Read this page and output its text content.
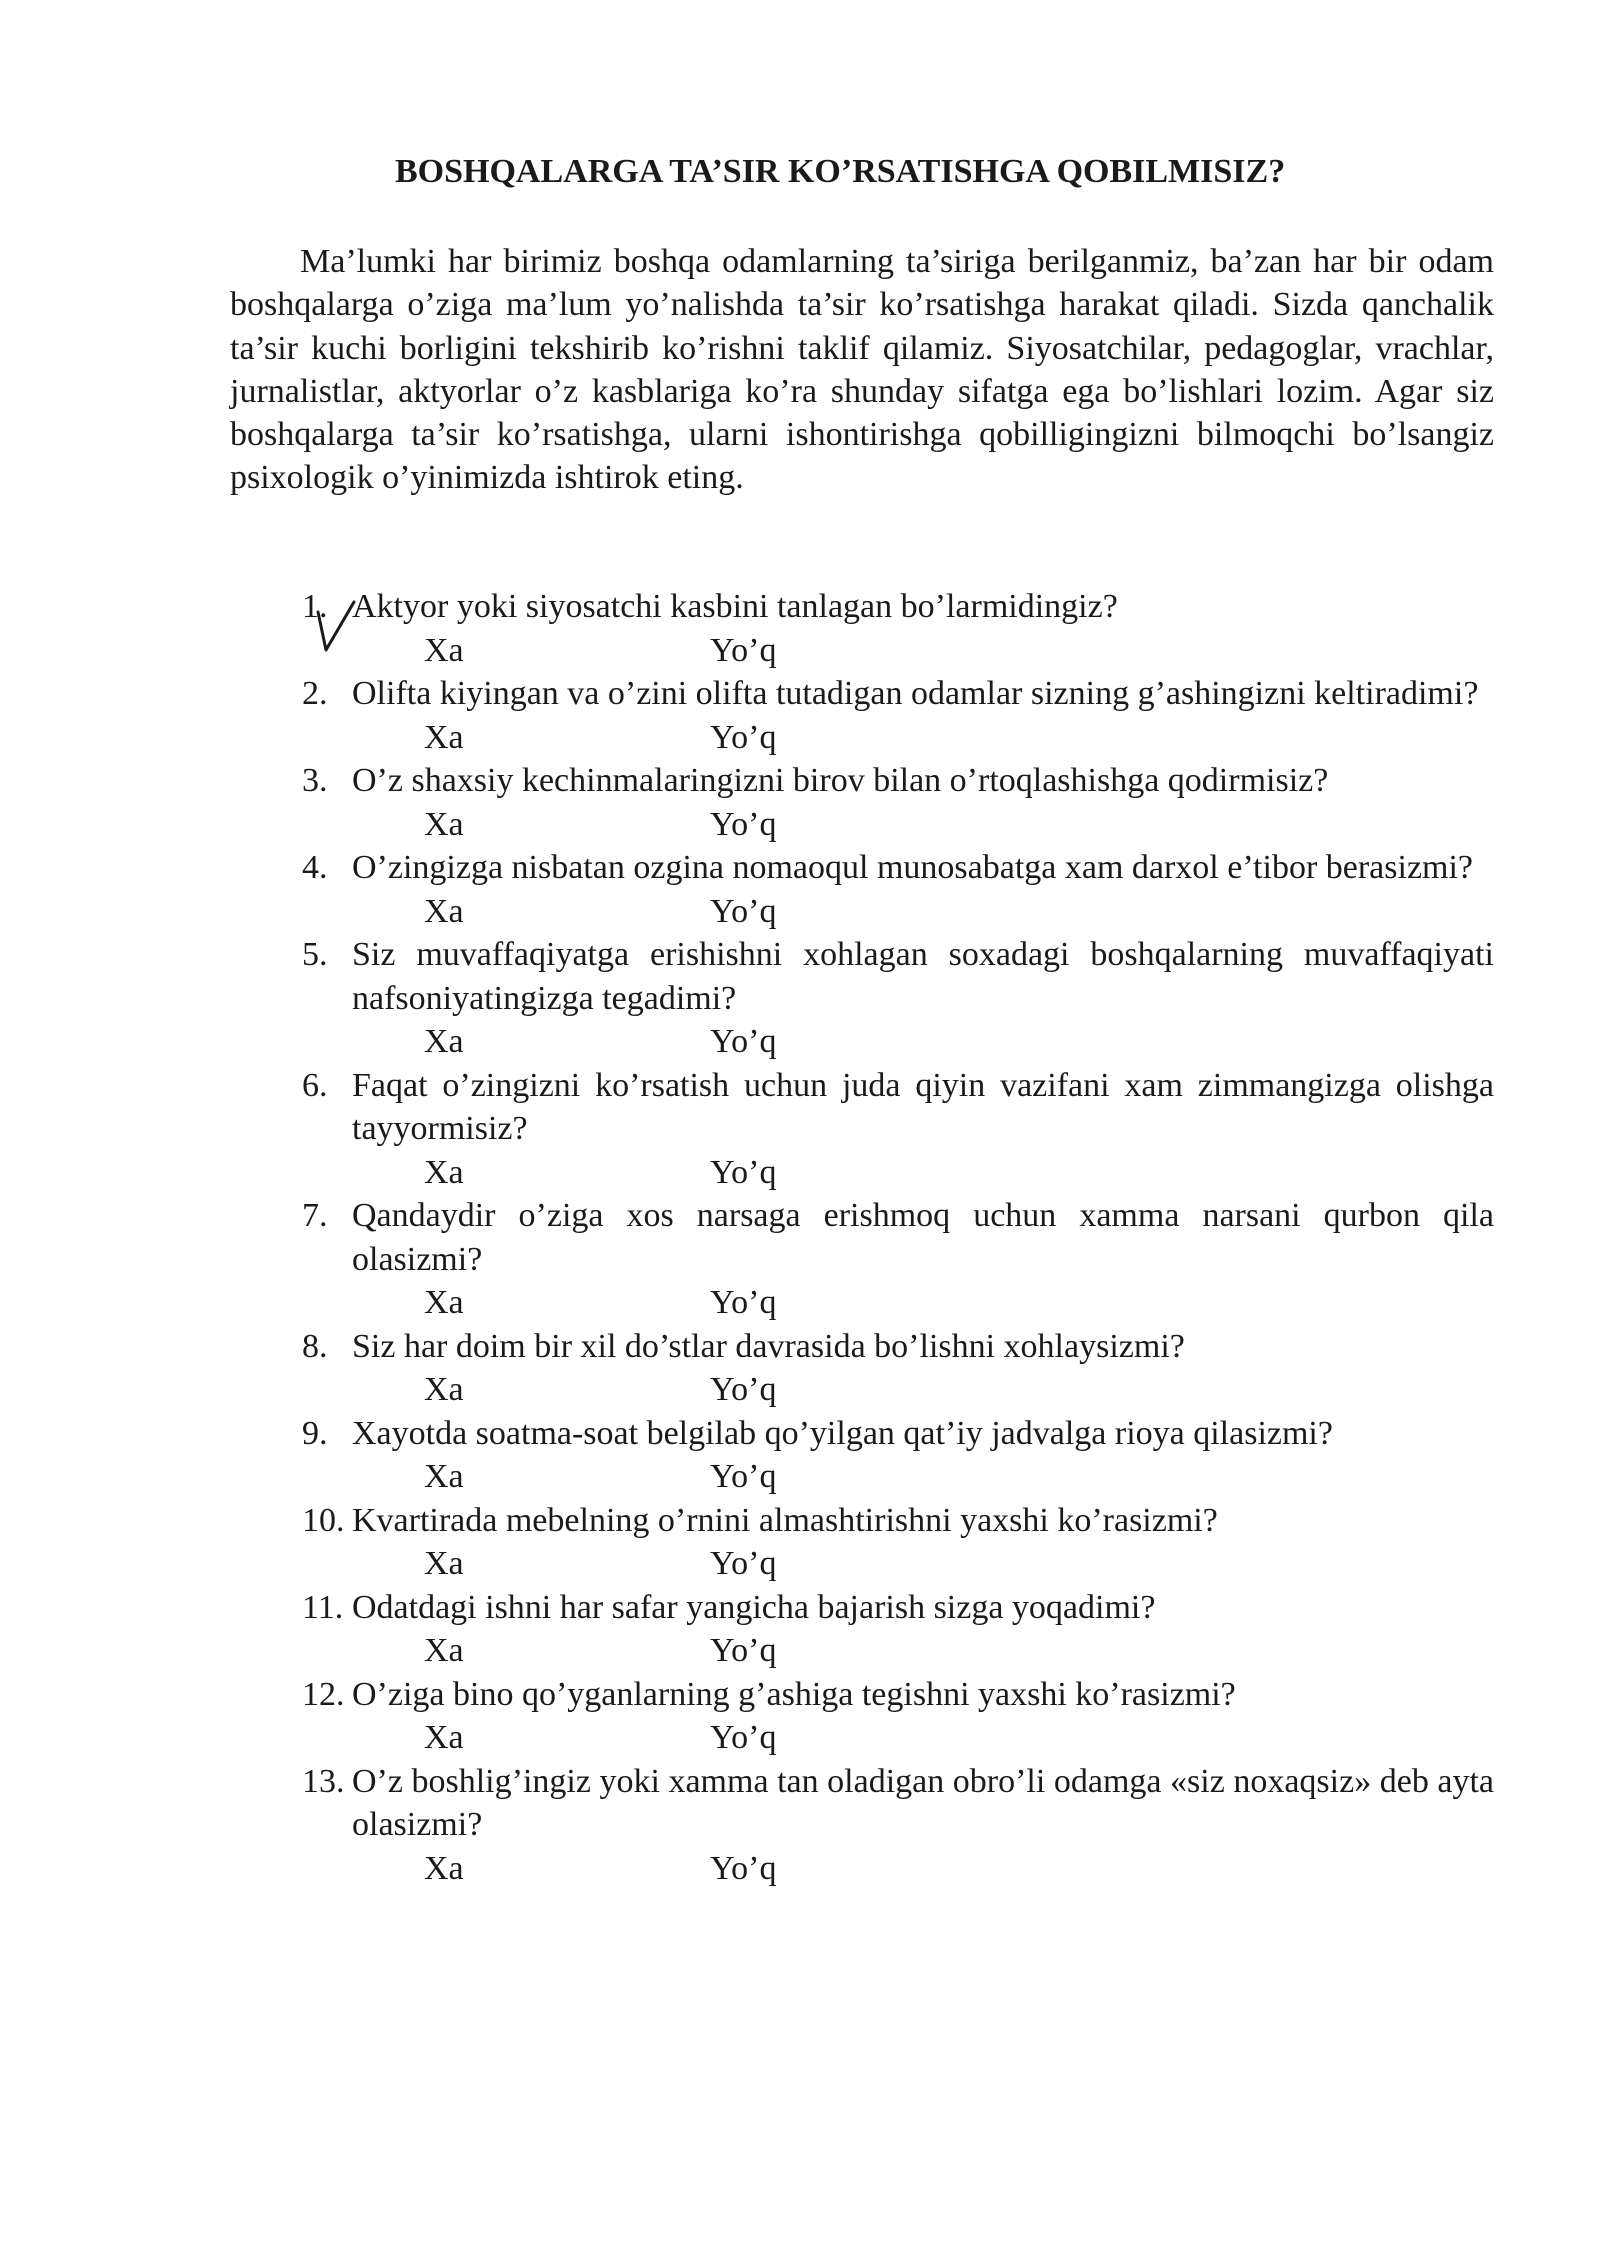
BOSHQALARGA TA’SIR KO’RSATISHGA QOBILMISIZ?

Ma’lumki har birimiz boshqa odamlarning ta’siriga berilganmiz, ba’zan har bir odam boshqalarga o’ziga ma’lum yo’nalishda ta’sir ko’rsatishga harakat qiladi. Sizda qanchalik ta’sir kuchi borligini tekshirib ko’rishni taklif qilamiz. Siyosatchilar, pedagoglar, vrachlar, jurnalistlar, aktyorlar o’z kasblariga ko’ra shunday sifatga ega bo’lishlari lozim. Agar siz boshqalarga ta’sir ko’rsatishga, ularni ishontirishga qobilligingizni bilmoqchi bo’lsangiz psixologik o’yinimizda ishtirok eting.

1. Aktyor yoki siyosatchi kasbini tanlagan bo’larmidingiz?
Xa	Yo’q
2. Olifta kiyingan va o’zini olifta tutadigan odamlar sizning g’ashingizni keltiradimi?
Xa	Yo’q
3. O’z shaxsiy kechinmalaringizni birov bilan o’rtoqlashishga qodirmisiz?
Xa	Yo’q
4. O’zingizga nisbatan ozgina nomaoqul munosabatga xam darxol e’tibor berasizmi?
Xa	Yo’q
5. Siz muvaffaqiyatga erishishni xohlagan soxadagi boshqalarning muvaffaqiyati nafsoniyatingizga tegadimi?
Xa	Yo’q
6. Faqat o’zingizni ko’rsatish uchun juda qiyin vazifani xam zimmangizga olishga tayyormisiz?
Xa	Yo’q
7. Qandaydir o’ziga xos narsaga erishmoq uchun xamma narsani qurbon qila olasizmi?
Xa	Yo’q
8. Siz har doim bir xil do’stlar davrasida bo’lishni xohlaysizmi?
Xa	Yo’q
9. Xayotda soatma-soat belgilab qo’yilgan qat’iy jadvalga rioya qilasizmi?
Xa	Yo’q
10. Kvartirada mebelning o’rnini almashtirishni yaxshi ko’rasizmi?
Xa	Yo’q
11. Odatdagi ishni har safar yangicha bajarish sizga yoqadimi?
Xa	Yo’q
12. O’ziga bino qo’yganlarning g’ashiga tegishni yaxshi ko’rasizmi?
Xa	Yo’q
13. O’z boshlig’ingiz yoki xamma tan oladigan obro’li odamga «siz noxaqsiz» deb ayta olasizmi?
Xa	Yo’q
